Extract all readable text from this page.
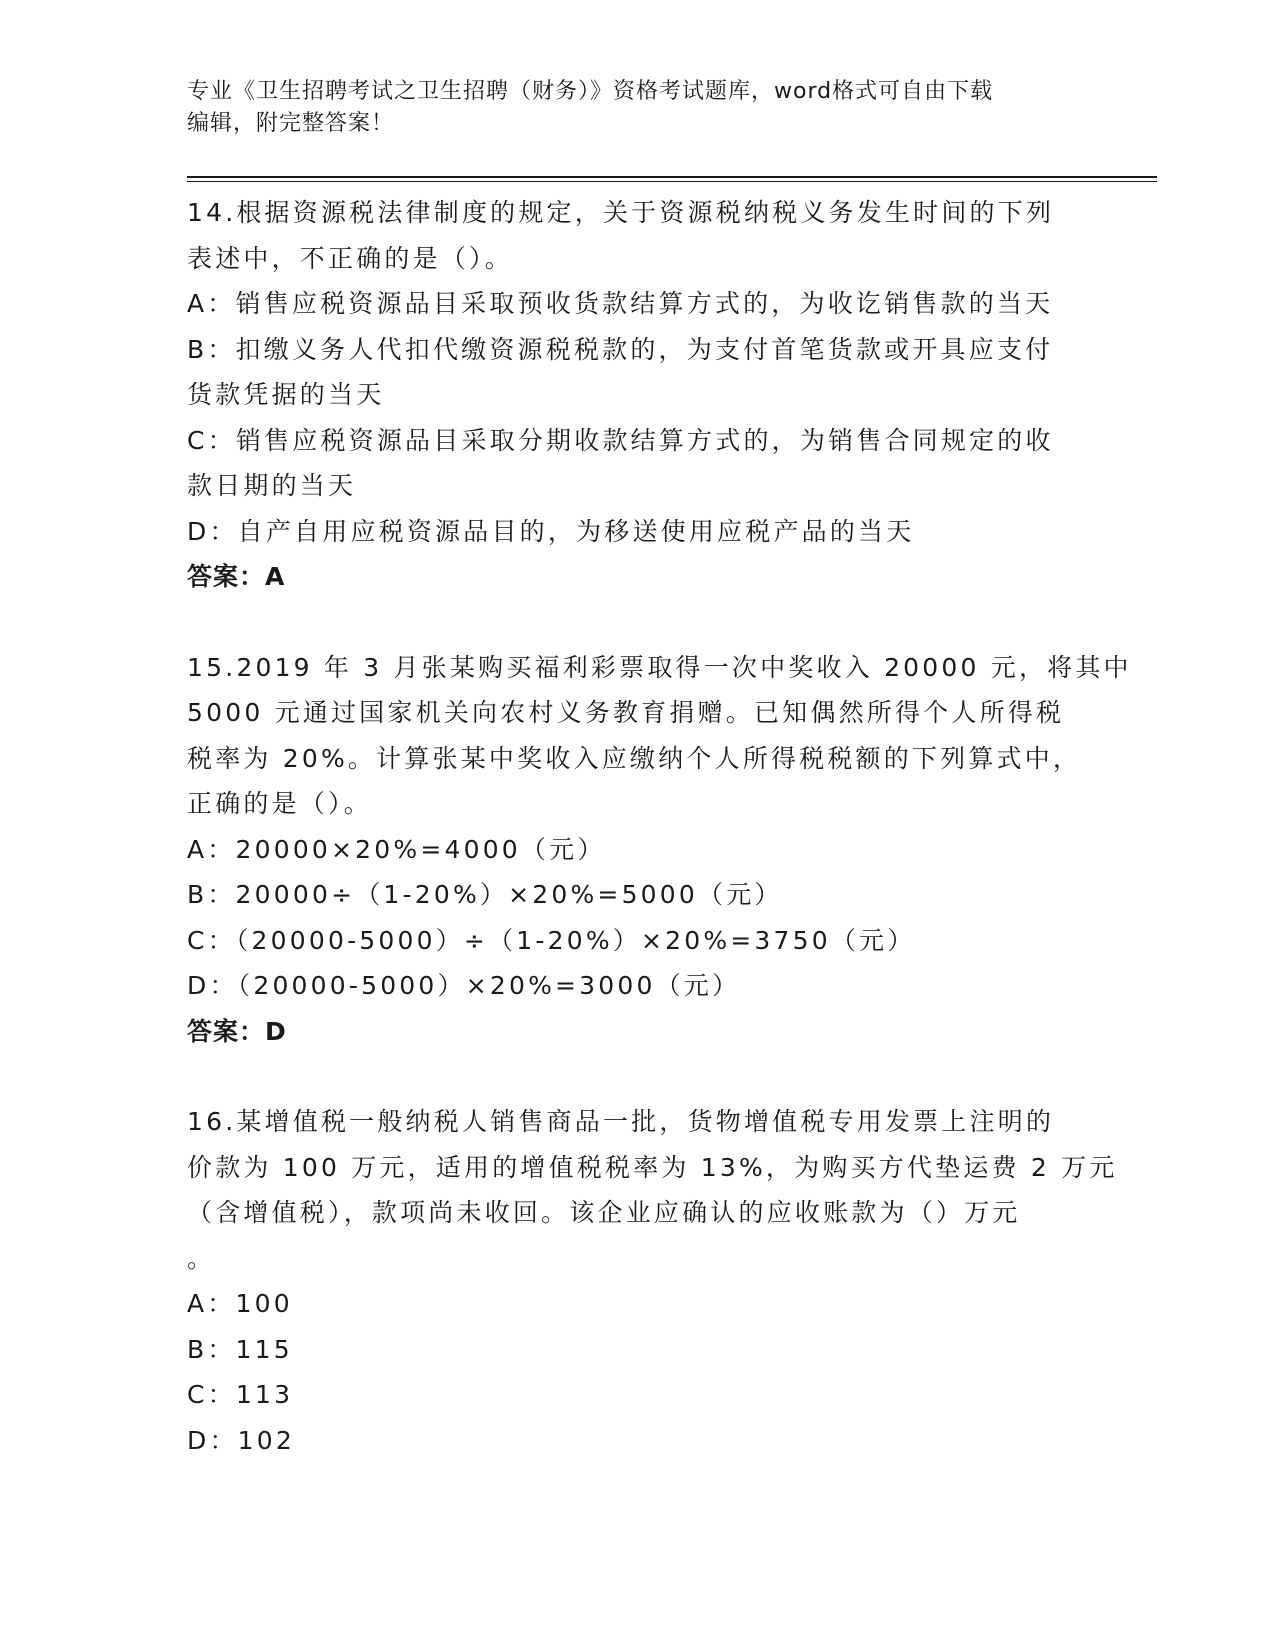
专业《卫生招聘考试之卫生招聘（财务）》资格考试题库，word格式可自由下载
编辑，附完整答案！
14.根据资源税法律制度的规定，关于资源税纳税义务发生时间的下列
表述中，不正确的是（）。
A：销售应税资源品目采取预收货款结算方式的，为收讫销售款的当天
B：扣缴义务人代扣代缴资源税税款的，为支付首笔货款或开具应支付
货款凭据的当天
C：销售应税资源品目采取分期收款结算方式的，为销售合同规定的收
款日期的当天
D：自产自用应税资源品目的，为移送使用应税产品的当天
答案：A
15.2019 年 3 月张某购买福利彩票取得一次中奖收入 20000 元，将其中
5000 元通过国家机关向农村义务教育捐赠。已知偶然所得个人所得税
税率为 20%。计算张某中奖收入应缴纳个人所得税税额的下列算式中，
正确的是（）。
A：20000×20%=4000（元）
B：20000÷（1-20%）×20%=5000（元）
C：（20000-5000）÷（1-20%）×20%=3750（元）
D：（20000-5000）×20%=3000（元）
答案：D
16.某增值税一般纳税人销售商品一批，货物增值税专用发票上注明的
价款为 100 万元，适用的增值税税率为 13%，为购买方代垫运费 2 万元
（含增值税），款项尚未收回。该企业应确认的应收账款为（）万元
。
A：100
B：115
C：113
D：102
